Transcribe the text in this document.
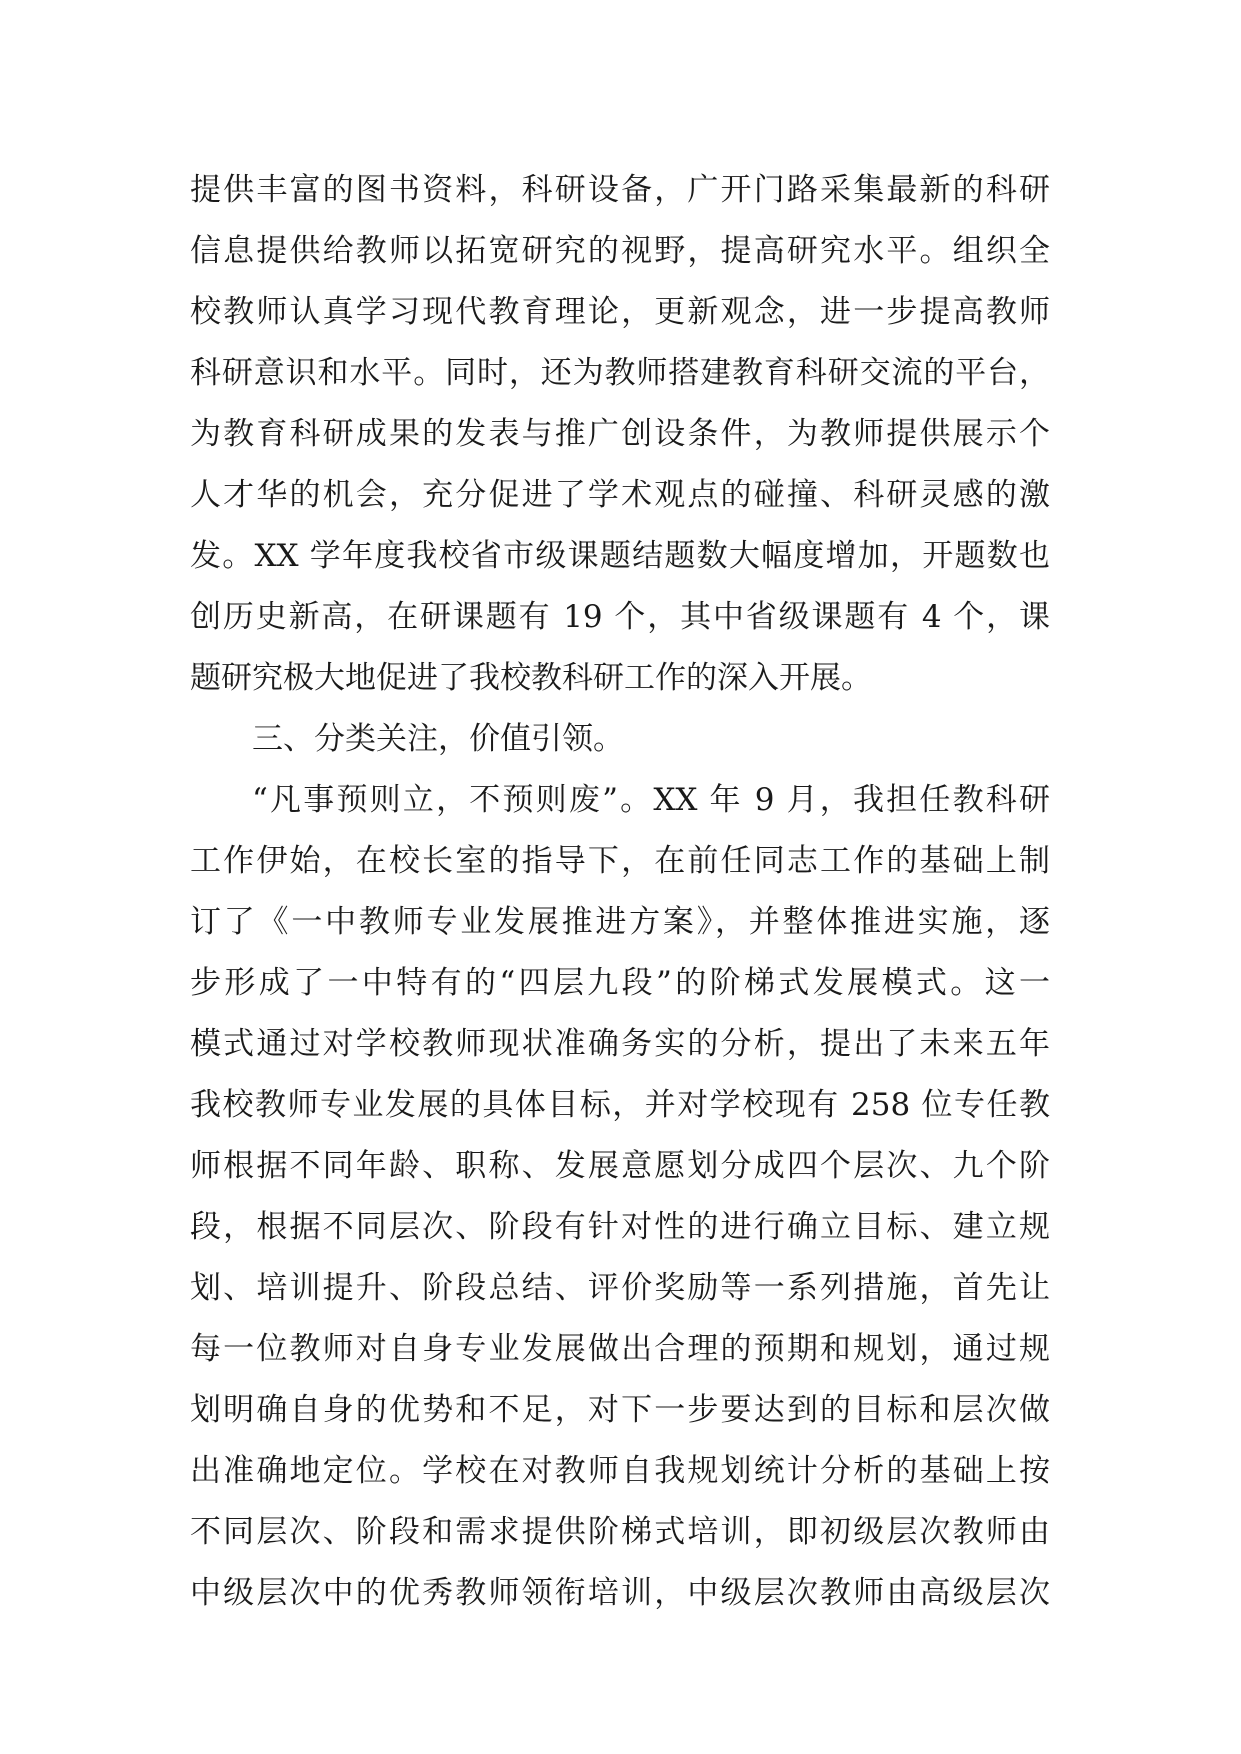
提供丰富的图书资料，科研设备，广开门路采集最新的科研
信息提供给教师以拓宽研究的视野，提高研究水平。组织全
校教师认真学习现代教育理论，更新观念，进一步提高教师
科研意识和水平。同时，还为教师搭建教育科研交流的平台，
为教育科研成果的发表与推广创设条件，为教师提供展示个
人才华的机会，充分促进了学术观点的碰撞、科研灵感的激
发。XX 学年度我校省市级课题结题数大幅度增加，开题数也
创历史新高，在研课题有 19 个，其中省级课题有 4 个，课
题研究极大地促进了我校教科研工作的深入开展。
三、分类关注，价值引领。
“凡事预则立，不预则废”。XX 年 9 月，我担任教科研
工作伊始，在校长室的指导下，在前任同志工作的基础上制
订了《一中教师专业发展推进方案》，并整体推进实施，逐
步形成了一中特有的“四层九段”的阶梯式发展模式。这一
模式通过对学校教师现状准确务实的分析，提出了未来五年
我校教师专业发展的具体目标，并对学校现有 258 位专任教
师根据不同年龄、职称、发展意愿划分成四个层次、九个阶
段，根据不同层次、阶段有针对性的进行确立目标、建立规
划、培训提升、阶段总结、评价奖励等一系列措施，首先让
每一位教师对自身专业发展做出合理的预期和规划，通过规
划明确自身的优势和不足，对下一步要达到的目标和层次做
出准确地定位。学校在对教师自我规划统计分析的基础上按
不同层次、阶段和需求提供阶梯式培训，即初级层次教师由
中级层次中的优秀教师领衔培训，中级层次教师由高级层次
